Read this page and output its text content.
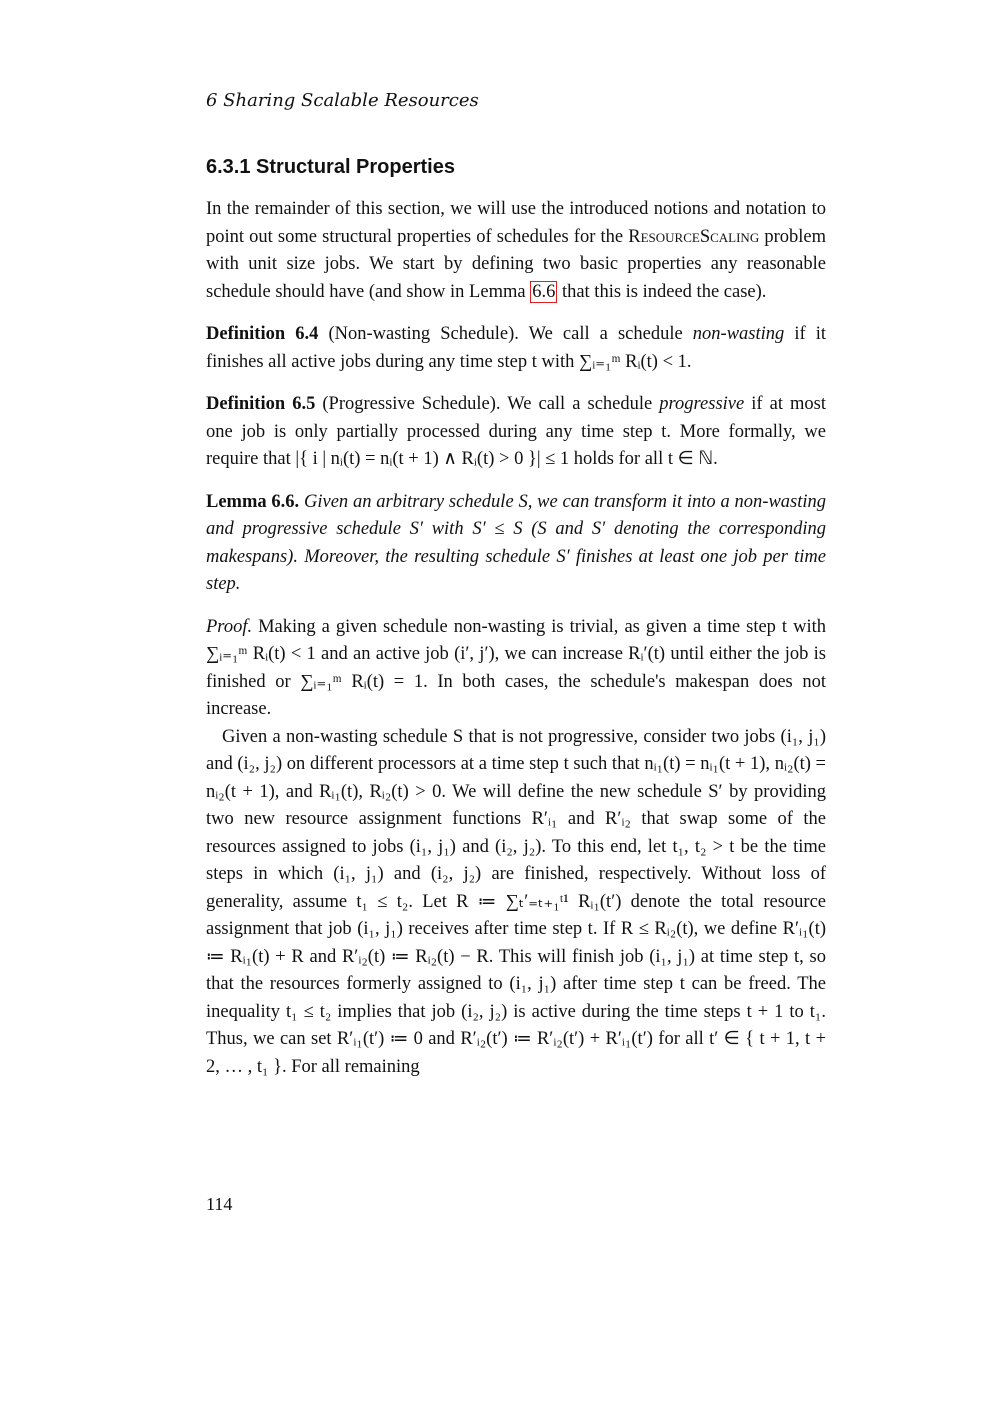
6 Sharing Scalable Resources
6.3.1 Structural Properties

In the remainder of this section, we will use the introduced notions and notation to point out some structural properties of schedules for the ResourceScaling problem with unit size jobs. We start by defining two basic properties any reasonable schedule should have (and show in Lemma 6.6 that this is indeed the case).

Definition 6.4 (Non-wasting Schedule). We call a schedule non-wasting if it finishes all active jobs during any time step t with ∑ᵢ₌₁ᵐ Rᵢ(t) < 1.

Definition 6.5 (Progressive Schedule). We call a schedule progressive if at most one job is only partially processed during any time step t. More formally, we require that |{ i | nᵢ(t) = nᵢ(t + 1) ∧ Rᵢ(t) > 0 }| ≤ 1 holds for all t ∈ ℕ.

Lemma 6.6. Given an arbitrary schedule S, we can transform it into a non-wasting and progressive schedule S′ with S′ ≤ S (S and S′ denoting the corresponding makespans). Moreover, the resulting schedule S′ finishes at least one job per time step.

Proof. Making a given schedule non-wasting is trivial, as given a time step t with ∑ᵢ₌₁ᵐ Rᵢ(t) < 1 and an active job (i′, j′), we can increase Rᵢ′(t) until either the job is finished or ∑ᵢ₌₁ᵐ Rᵢ(t) = 1. In both cases, the schedule's makespan does not increase.

Given a non-wasting schedule S that is not progressive, consider two jobs (i₁, j₁) and (i₂, j₂) on different processors at a time step t such that nᵢ₁(t) = nᵢ₁(t + 1), nᵢ₂(t) = nᵢ₂(t + 1), and Rᵢ₁(t), Rᵢ₂(t) > 0. We will define the new schedule S′ by providing two new resource assignment functions R′ᵢ₁ and R′ᵢ₂ that swap some of the resources assigned to jobs (i₁, j₁) and (i₂, j₂). To this end, let t₁, t₂ > t be the time steps in which (i₁, j₁) and (i₂, j₂) are finished, respectively. Without loss of generality, assume t₁ ≤ t₂. Let R ≔ ∑ₜ′₌ₜ₊₁ᵗ¹ Rᵢ₁(t′) denote the total resource assignment that job (i₁, j₁) receives after time step t. If R ≤ Rᵢ₂(t), we define R′ᵢ₁(t) ≔ Rᵢ₁(t) + R and R′ᵢ₂(t) ≔ Rᵢ₂(t) − R. This will finish job (i₁, j₁) at time step t, so that the resources formerly assigned to (i₁, j₁) after time step t can be freed. The inequality t₁ ≤ t₂ implies that job (i₂, j₂) is active during the time steps t + 1 to t₁. Thus, we can set R′ᵢ₁(t′) ≔ 0 and R′ᵢ₂(t′) ≔ R′ᵢ₂(t′) + R′ᵢ₁(t′) for all t′ ∈ { t + 1, t + 2, … , t₁ }. For all remaining

114
